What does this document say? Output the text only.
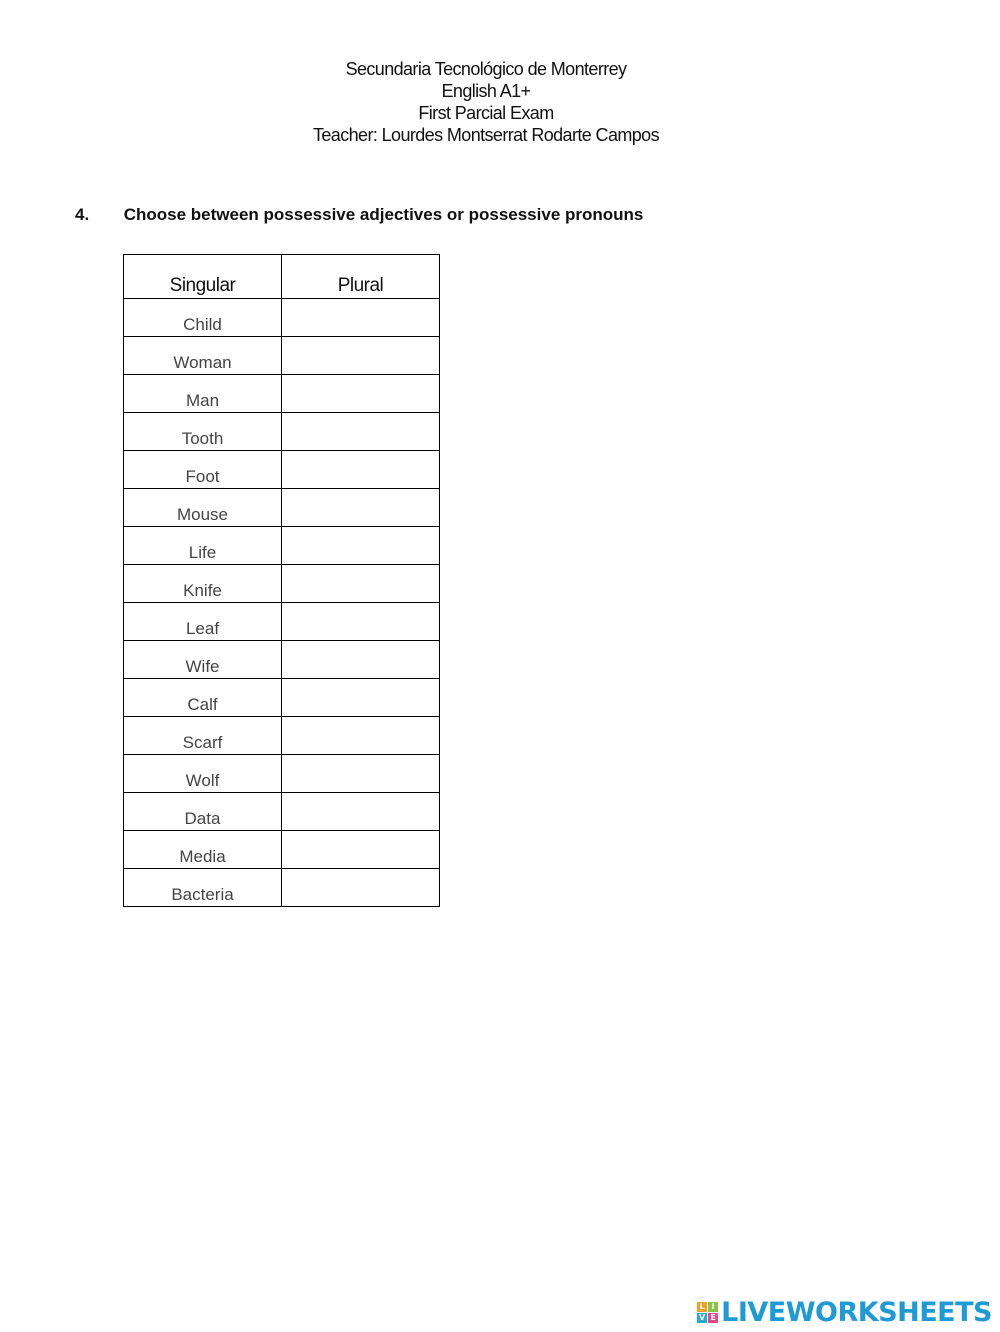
Secundaria Tecnológico de Monterrey
English A1+
First Parcial Exam
Teacher: Lourdes Montserrat Rodarte Campos
4. Choose between possessive adjectives or possessive pronouns
Singular	Plural
Child	
Woman	
Man	
Tooth	
Foot	
Mouse	
Life	
Knife	
Leaf	
Wife	
Calf	
Scarf	
Wolf	
Data	
Media	
Bacteria	
L I
V E LIVEWORKSHEETS
